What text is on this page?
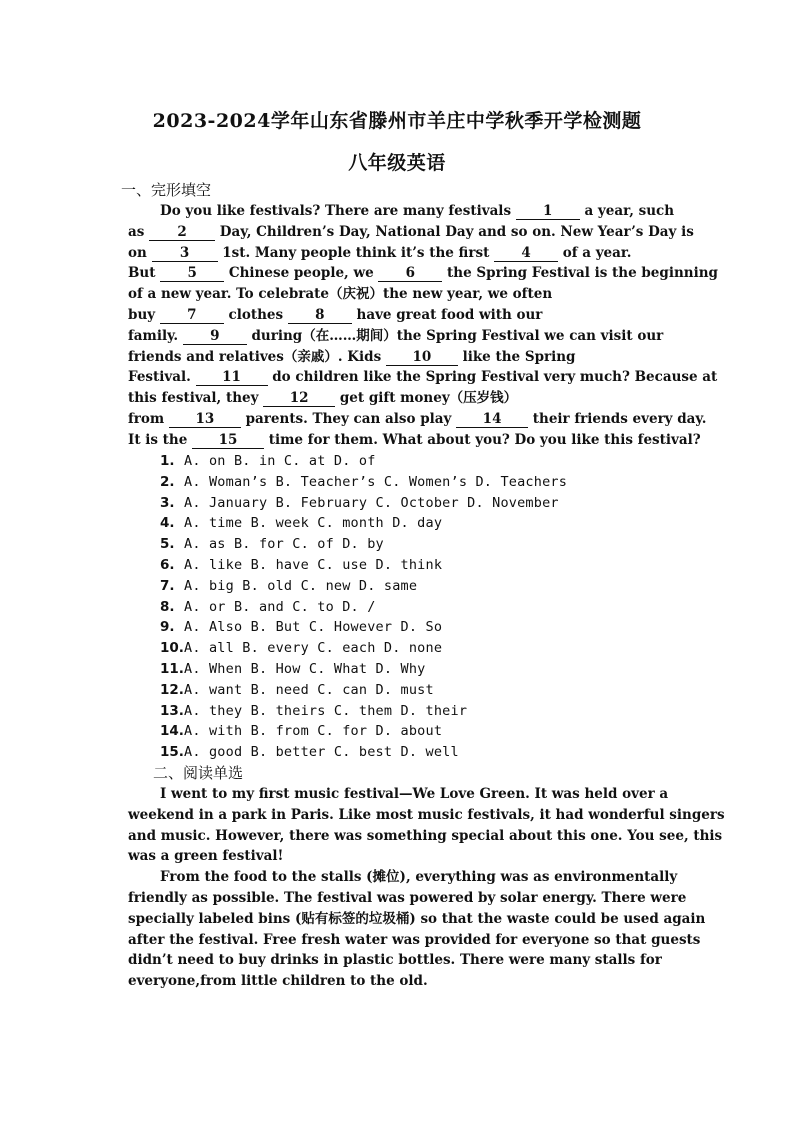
2023-2024学年山东省滕州市羊庄中学秋季开学检测题
八年级英语
一、完形填空
Do you like festivals? There are many festivals 1 a year, such
as 2 Day, Children’s Day, National Day and so on. New Year’s Day is
on 3 1st. Many people think it’s the first 4 of a year.
But 5 Chinese people, we 6 the Spring Festival is the beginning
of a new year. To celebrate（庆祝）the new year, we often
buy 7 clothes 8 have great food with our
family. 9 during（在……期间）the Spring Festival we can visit our
friends and relatives（亲戚）. Kids 10 like the Spring
Festival. 11 do children like the Spring Festival very much? Because at
this festival, they 12 get gift money（压岁钱）
from 13 parents. They can also play 14 their friends every day.
It is the 15 time for them. What about you? Do you like this festival?
1. A. on B. in C. at D. of
2. A. Woman’s B. Teacher’s C. Women’s D. Teachers
3. A. January B. February C. October D. November
4. A. time B. week C. month D. day
5. A. as B. for C. of D. by
6. A. like B. have C. use D. think
7. A. big B. old C. new D. same
8. A. or B. and C. to D. /
9. A. Also B. But C. However D. So
10.A. all B. every C. each D. none
11.A. When B. How C. What D. Why
12.A. want B. need C. can D. must
13.A. they B. theirs C. them D. their
14.A. with B. from C. for D. about
15.A. good B. better C. best D. well
二、阅读单选
I went to my first music festival—We Love Green. It was held over a
weekend in a park in Paris. Like most music festivals, it had wonderful singers
and music. However, there was something special about this one. You see, this
was a green festival!
From the food to the stalls (摊位), everything was as environmentally
friendly as possible. The festival was powered by solar energy. There were
specially labeled bins (贴有标签的垃圾桶) so that the waste could be used again
after the festival. Free fresh water was provided for everyone so that guests
didn’t need to buy drinks in plastic bottles. There were many stalls for
everyone,from little children to the old.
